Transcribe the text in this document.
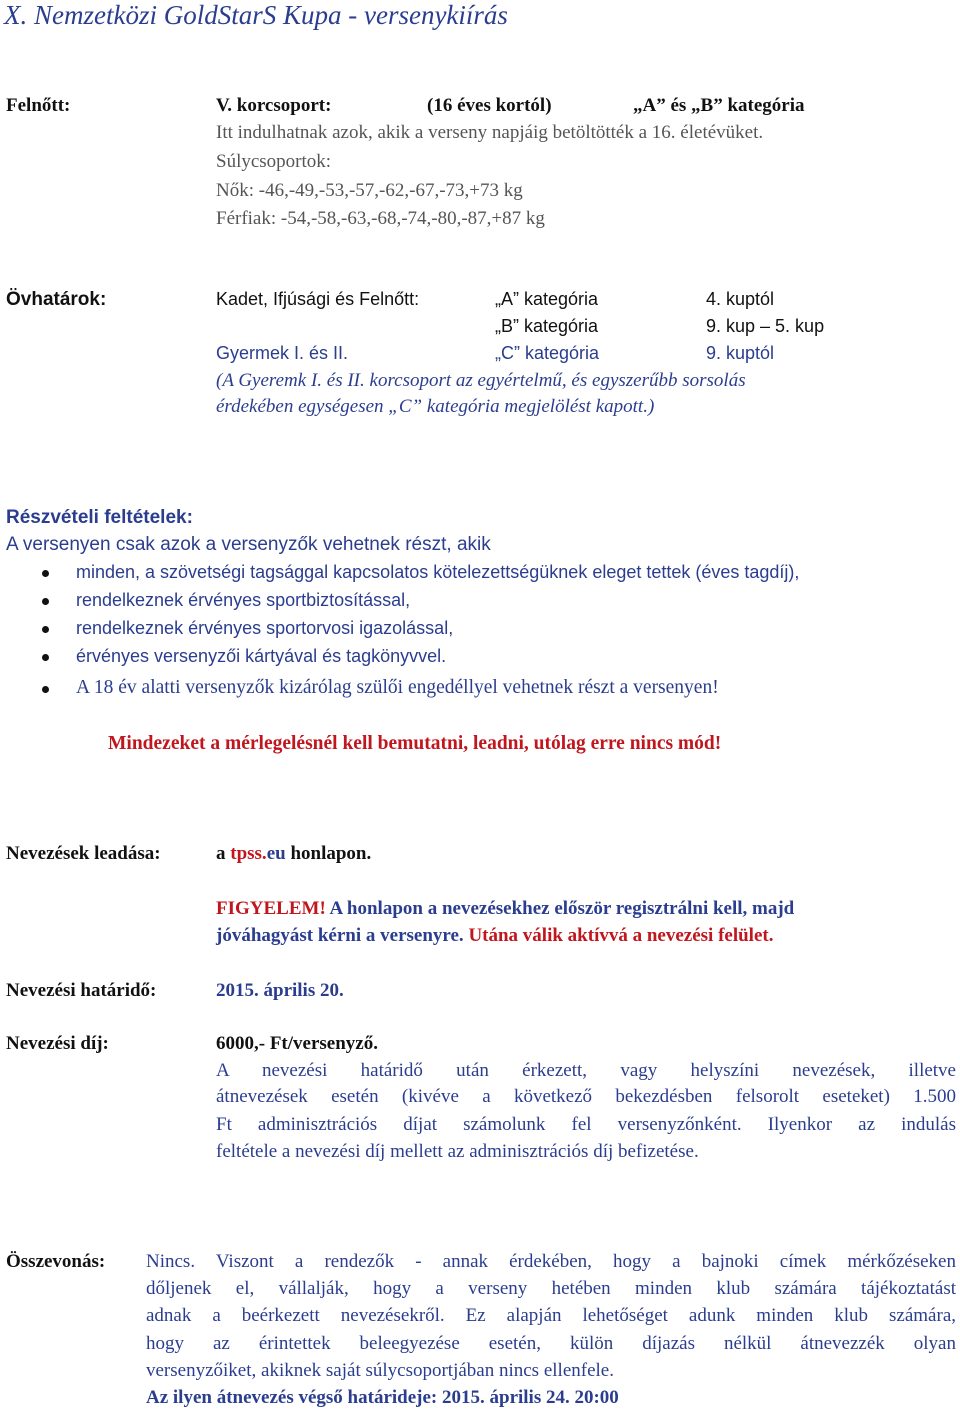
X. Nemzetközi GoldStarS Kupa - versenykiírás
Felnőtt:	V. korcsoport:	(16 éves kortól)	„A” és „B” kategória
Itt indulhatnak azok, akik a verseny napjáig betöltötték a 16. életévüket.
Súlycsoportok:
Nők: -46,-49,-53,-57,-62,-67,-73,+73 kg
Férfiak: -54,-58,-63,-68,-74,-80,-87,+87 kg
Övhatárok:	Kadet, Ifjúsági és Felnőtt:	„A” kategória	4. kuptól
„B” kategória	9. kup – 5. kup
Gyermek I. és II.	„C” kategória	9. kuptól
(A Gyeremk I. és II. korcsoport az egyértelmű, és egyszerűbb sorsolás
érdekében egységesen „C” kategória megjelölést kapott.)
Részvételi feltételek:
A versenyen csak azok a versenyzők vehetnek részt, akik
minden, a szövetségi tagsággal kapcsolatos kötelezettségüknek eleget tettek (éves tagdíj),
rendelkeznek érvényes sportbiztosítással,
rendelkeznek érvényes sportorvosi igazolással,
érvényes versenyzői kártyával és tagkönyvvel.
A 18 év alatti versenyzők kizárólag szülői engedéllyel vehetnek részt a versenyen!
Mindezeket a mérlegelésnél kell bemutatni, leadni, utólag erre nincs mód!
Nevezések leadása:	a tpss.eu honlapon.
FIGYELEM! A honlapon a nevezésekhez először regisztrálni kell, majd
jóváhagyást kérni a versenyre. Utána válik aktívvá a nevezési felület.
Nevezési határidő:	2015. április 20.
Nevezési díj:	6000,- Ft/versenyző.
A nevezési határidő után érkezett, vagy helyszíni nevezések, illetve
átnevezések esetén (kivéve a következő bekezdésben felsorolt eseteket) 1.500
Ft adminisztrációs díjat számolunk fel versenyzőnként. Ilyenkor az indulás
feltétele a nevezési díj mellett az adminisztrációs díj befizetése.
Összevonás: Nincs. Viszont a rendezők - annak érdekében, hogy a bajnoki címek mérkőzéseken
dőljenek el, vállalják, hogy a verseny hetében minden klub számára tájékoztatást
adnak a beérkezett nevezésekről. Ez alapján lehetőséget adunk minden klub számára,
hogy az érintettek beleegyezése esetén, külön díjazás nélkül átnevezzék olyan
versenyzőiket, akiknek saját súlycsoportjában nincs ellenfele.
Az ilyen átnevezés végső határideje: 2015. április 24. 20:00
